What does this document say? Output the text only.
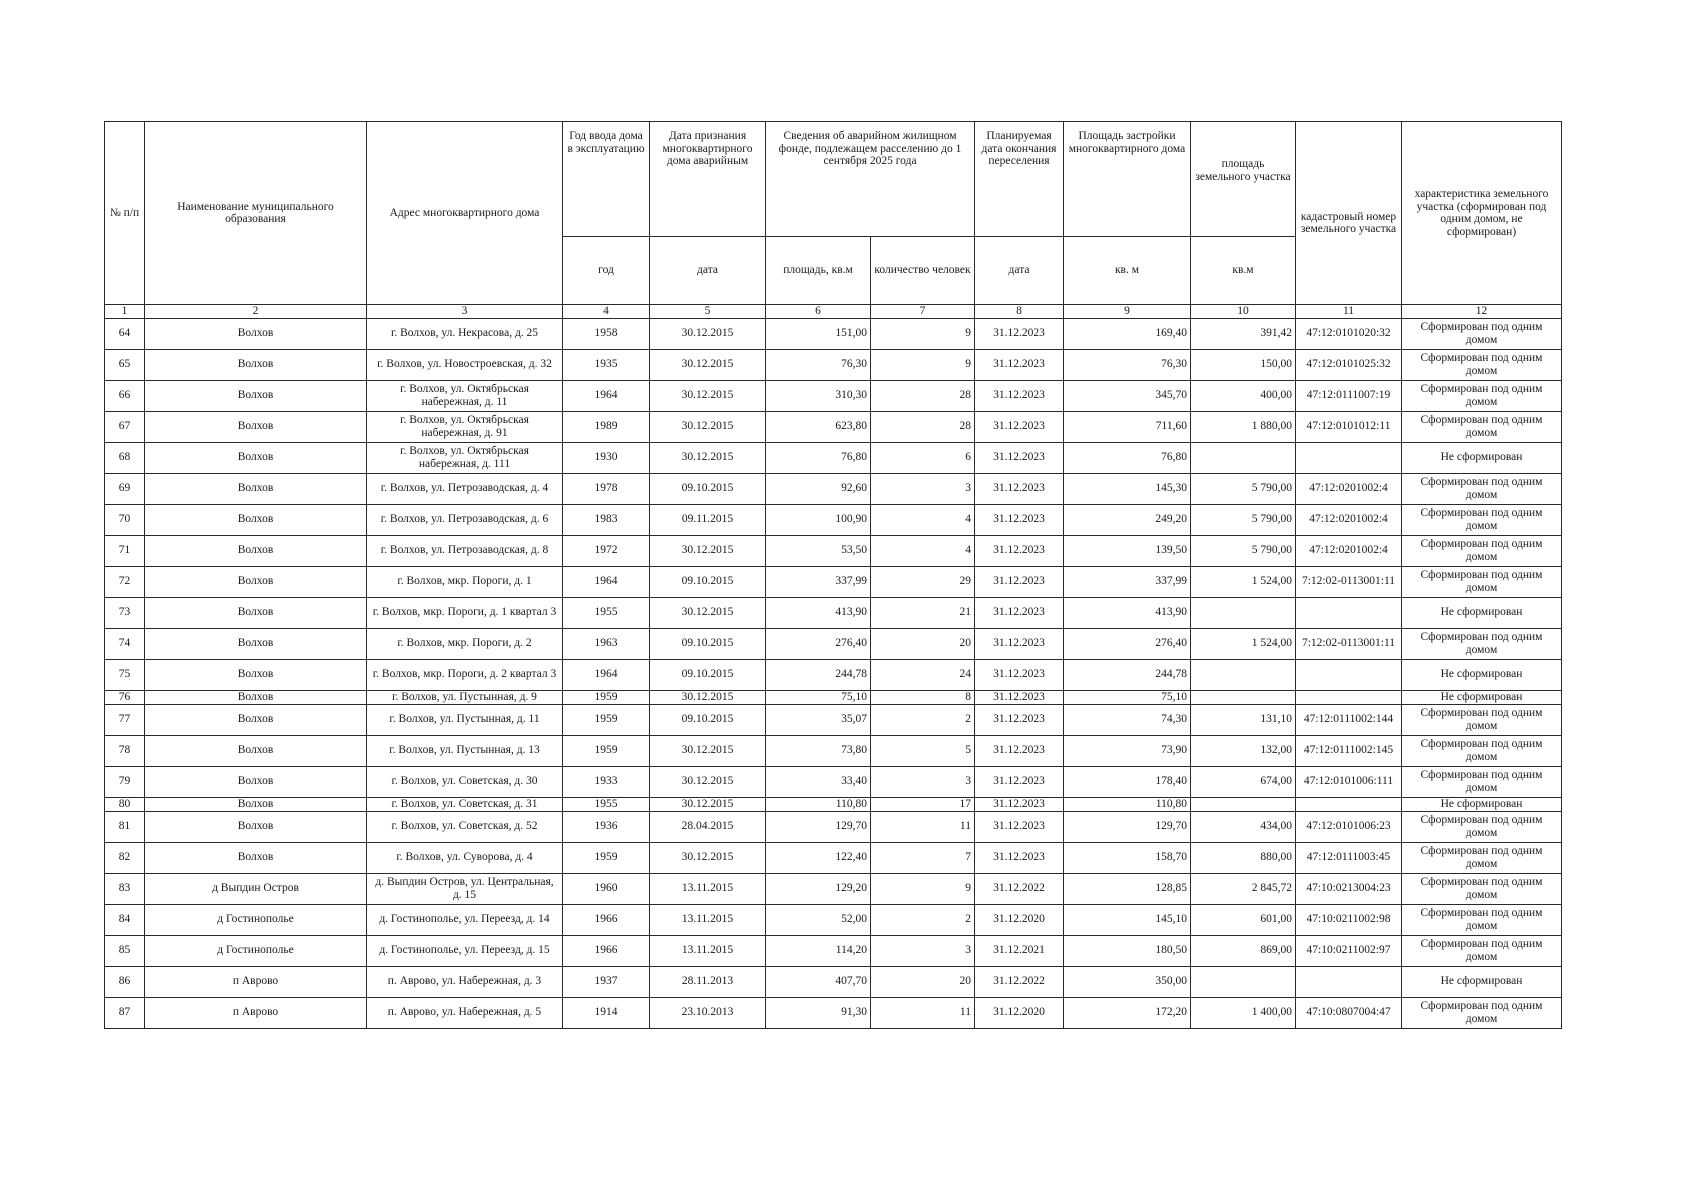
№ п/п	Наименование муниципального образования	Адрес многоквартирного дома	Год ввода дома в эксплуатацию	Дата признания многоквартирного дома аварийным	Сведения об аварийном жилищном фонде, подлежащем расселению до 1 сентября 2025 года		Планируемая дата окончания переселения	Площадь застройки многоквартирного дома	площадь земельного участка	кадастровый номер земельного участка	характеристика земельного участка (сформирован под одним домом, не сформирован)
			год	дата	площадь, кв.м	количество человек	дата	кв. м	кв.м		
1	2	3	4	5	6	7	8	9	10	11	12
64	Волхов	г. Волхов, ул. Некрасова, д. 25	1958	30.12.2015	151,00	9	31.12.2023	169,40	391,42	47:12:0101020:32	Сформирован под одним домом
65	Волхов	г. Волхов, ул. Новостроевская, д. 32	1935	30.12.2015	76,30	9	31.12.2023	76,30	150,00	47:12:0101025:32	Сформирован под одним домом
66	Волхов	г. Волхов, ул. Октябрьская набережная, д. 11	1964	30.12.2015	310,30	28	31.12.2023	345,70	400,00	47:12:0111007:19	Сформирован под одним домом
67	Волхов	г. Волхов, ул. Октябрьская набережная, д. 91	1989	30.12.2015	623,80	28	31.12.2023	711,60	1 880,00	47:12:0101012:11	Сформирован под одним домом
68	Волхов	г. Волхов, ул. Октябрьская набережная, д. 111	1930	30.12.2015	76,80	6	31.12.2023	76,80			Не сформирован
69	Волхов	г. Волхов, ул. Петрозаводская, д. 4	1978	09.10.2015	92,60	3	31.12.2023	145,30	5 790,00	47:12:0201002:4	Сформирован под одним домом
70	Волхов	г. Волхов, ул. Петрозаводская, д. 6	1983	09.11.2015	100,90	4	31.12.2023	249,20	5 790,00	47:12:0201002:4	Сформирован под одним домом
71	Волхов	г. Волхов, ул. Петрозаводская, д. 8	1972	30.12.2015	53,50	4	31.12.2023	139,50	5 790,00	47:12:0201002:4	Сформирован под одним домом
72	Волхов	г. Волхов, мкр. Пороги, д. 1	1964	09.10.2015	337,99	29	31.12.2023	337,99	1 524,00	7:12:02-0113001:11	Сформирован под одним домом
73	Волхов	г. Волхов, мкр. Пороги, д. 1 квартал 3	1955	30.12.2015	413,90	21	31.12.2023	413,90			Не сформирован
74	Волхов	г. Волхов, мкр. Пороги, д. 2	1963	09.10.2015	276,40	20	31.12.2023	276,40	1 524,00	7:12:02-0113001:11	Сформирован под одним домом
75	Волхов	г. Волхов, мкр. Пороги, д. 2 квартал 3	1964	09.10.2015	244,78	24	31.12.2023	244,78			Не сформирован
76	Волхов	г. Волхов, ул. Пустынная, д. 9	1959	30.12.2015	75,10	8	31.12.2023	75,10			Не сформирован
77	Волхов	г. Волхов, ул. Пустынная, д. 11	1959	09.10.2015	35,07	2	31.12.2023	74,30	131,10	47:12:0111002:144	Сформирован под одним домом
78	Волхов	г. Волхов, ул. Пустынная, д. 13	1959	30.12.2015	73,80	5	31.12.2023	73,90	132,00	47:12:0111002:145	Сформирован под одним домом
79	Волхов	г. Волхов, ул. Советская, д. 30	1933	30.12.2015	33,40	3	31.12.2023	178,40	674,00	47:12:0101006:111	Сформирован под одним домом
80	Волхов	г. Волхов, ул. Советская, д. 31	1955	30.12.2015	110,80	17	31.12.2023	110,80			Не сформирован
81	Волхов	г. Волхов, ул. Советская, д. 52	1936	28.04.2015	129,70	11	31.12.2023	129,70	434,00	47:12:0101006:23	Сформирован под одним домом
82	Волхов	г. Волхов, ул. Суворова, д. 4	1959	30.12.2015	122,40	7	31.12.2023	158,70	880,00	47:12:0111003:45	Сформирован под одним домом
83	д Выпдин Остров	д. Выпдин Остров, ул. Центральная, д. 15	1960	13.11.2015	129,20	9	31.12.2022	128,85	2 845,72	47:10:0213004:23	Сформирован под одним домом
84	д Гостинополье	д. Гостинополье, ул. Переезд, д. 14	1966	13.11.2015	52,00	2	31.12.2020	145,10	601,00	47:10:0211002:98	Сформирован под одним домом
85	д Гостинополье	д. Гостинополье, ул. Переезд, д. 15	1966	13.11.2015	114,20	3	31.12.2021	180,50	869,00	47:10:0211002:97	Сформирован под одним домом
86	п Аврово	п. Аврово, ул. Набережная, д. 3	1937	28.11.2013	407,70	20	31.12.2022	350,00			Не сформирован
87	п Аврово	п. Аврово, ул. Набережная, д. 5	1914	23.10.2013	91,30	11	31.12.2020	172,20	1 400,00	47:10:0807004:47	Сформирован под одним домом
